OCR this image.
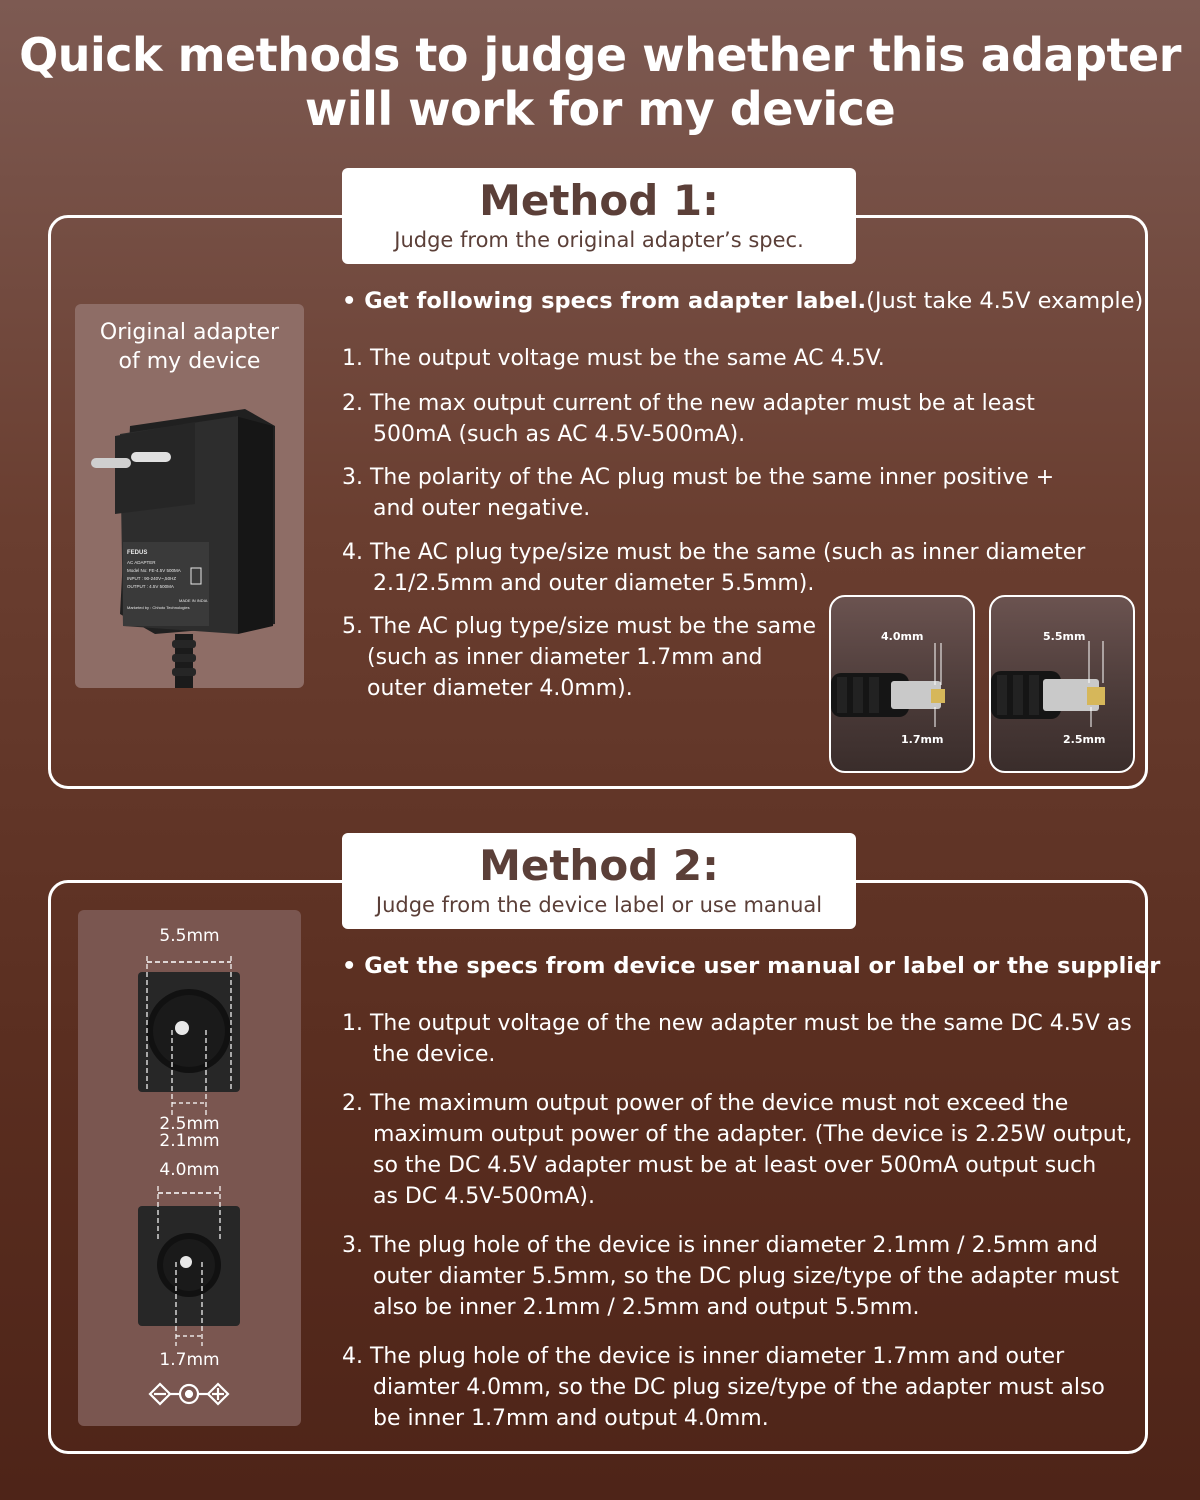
Quick methods to judge whether this adapter
will work for my device
Method 1:
Judge from the original adapter’s spec.
Original adapter
of my device
FEDUS
AC ADAPTER
Model No: FE-4.5V 500MA
INPUT : 90-240V~,50HZ
OUTPUT : 4.5V 500MA
Marketed by : Chhoto Technologies
MADE IN INDIA
• Get following specs from adapter label.(Just take 4.5V example)
1. The output voltage must be the same AC 4.5V.
2. The max output current of the new adapter must be at least
500mA (such as AC 4.5V-500mA).
3. The polarity of the AC plug must be the same inner positive +
and outer negative.
4. The AC plug type/size must be the same (such as inner diameter
2.1/2.5mm and outer diameter 5.5mm).
5. The AC plug type/size must be the same
(such as inner diameter 1.7mm and
outer diameter 4.0mm).
4.0mm
1.7mm
5.5mm
2.5mm
Method 2:
Judge from the device label or use manual
5.5mm
2.5mm
2.1mm
4.0mm
1.7mm
• Get the specs from device user manual or label or the supplier
1. The output voltage of the new adapter must be the same DC 4.5V as
the device.
2. The maximum output power of the device must not exceed the
maximum output power of the adapter. (The device is 2.25W output,
so the DC 4.5V adapter must be at least over 500mA output such
as DC 4.5V-500mA).
3. The plug hole of the device is inner diameter 2.1mm / 2.5mm and
outer diamter 5.5mm, so the DC plug size/type of the adapter must
also be inner 2.1mm / 2.5mm and output 5.5mm.
4. The plug hole of the device is inner diameter 1.7mm and outer
diamter 4.0mm, so the DC plug size/type of the adapter must also
be inner 1.7mm and output 4.0mm.
